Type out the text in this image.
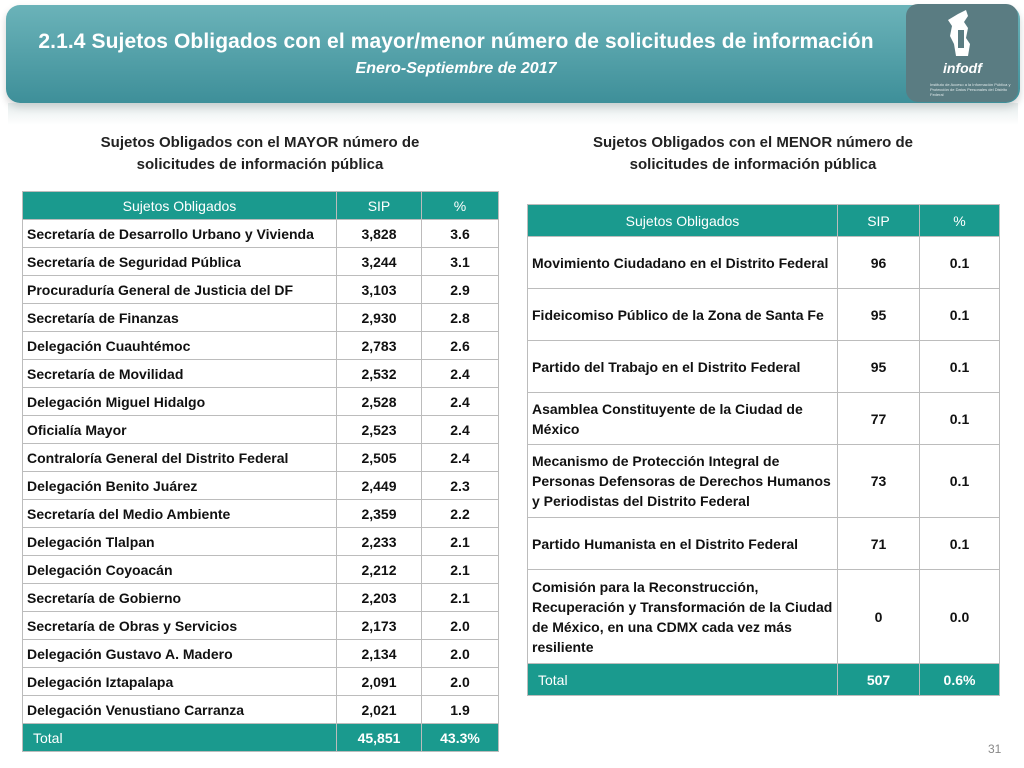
2.1.4 Sujetos Obligados con el mayor/menor número de solicitudes de información
Enero-Septiembre de 2017	infodf
Instituto de Acceso a la Información Pública y Protección de Datos Personales del Distrito Federal
Sujetos Obligados con el MAYOR número de
solicitudes de información pública
Sujetos Obligados con el MENOR número de
solicitudes de información pública
Sujetos Obligados	SIP	%
Secretaría de Desarrollo Urbano y Vivienda	3,828	3.6
Secretaría de Seguridad Pública	3,244	3.1
Procuraduría General de Justicia del DF	3,103	2.9
Secretaría de Finanzas	2,930	2.8
Delegación Cuauhtémoc	2,783	2.6
Secretaría de Movilidad	2,532	2.4
Delegación Miguel Hidalgo	2,528	2.4
Oficialía Mayor	2,523	2.4
Contraloría General del Distrito Federal	2,505	2.4
Delegación Benito Juárez	2,449	2.3
Secretaría del Medio Ambiente	2,359	2.2
Delegación Tlalpan	2,233	2.1
Delegación Coyoacán	2,212	2.1
Secretaría de Gobierno	2,203	2.1
Secretaría de Obras y Servicios	2,173	2.0
Delegación Gustavo A. Madero	2,134	2.0
Delegación Iztapalapa	2,091	2.0
Delegación Venustiano Carranza	2,021	1.9
Total	45,851	43.3%
Sujetos Obligados	SIP	%
Movimiento Ciudadano en el Distrito Federal	96	0.1
Fideicomiso Público de la Zona de Santa Fe	95	0.1
Partido del Trabajo en el Distrito Federal	95	0.1
Asamblea Constituyente de la Ciudad de México	77	0.1
Mecanismo de Protección Integral de Personas Defensoras de Derechos Humanos y Periodistas del Distrito Federal	73	0.1
Partido Humanista en el Distrito Federal	71	0.1
Comisión para la Reconstrucción, Recuperación y Transformación de la Ciudad de México, en una CDMX cada vez más resiliente	0	0.0
Total	507	0.6%
31
